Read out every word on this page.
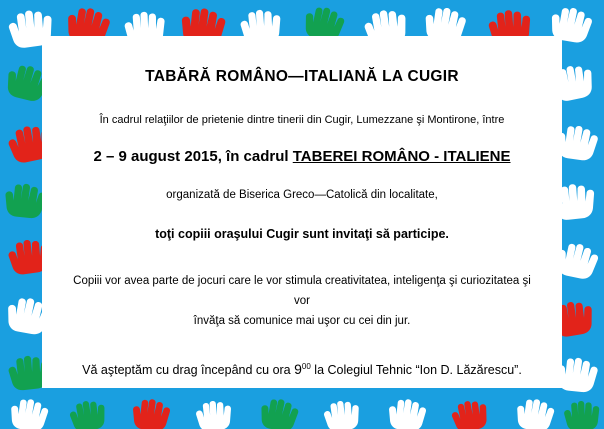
TABĂRĂ ROMÂNO—ITALIANĂ LA CUGIR
În cadrul relaţiilor de prietenie dintre tinerii din Cugir, Lumezzane şi Montirone, între
2 – 9 august 2015, în cadrul TABEREI ROMÂNO - ITALIENE
organizată de Biserica Greco—Catolică din localitate,
toţi copiii oraşului Cugir sunt invitaţi să participe.
Copiii vor avea parte de jocuri care le vor stimula creativitatea, inteligenţa şi curiozitatea şi vor
învăţa să comunice mai uşor cu cei din jur.
Vă aşteptăm cu drag începând cu ora $9^{00}$ la Colegiul Tehnic “Ion D. Lăzărescu”.
